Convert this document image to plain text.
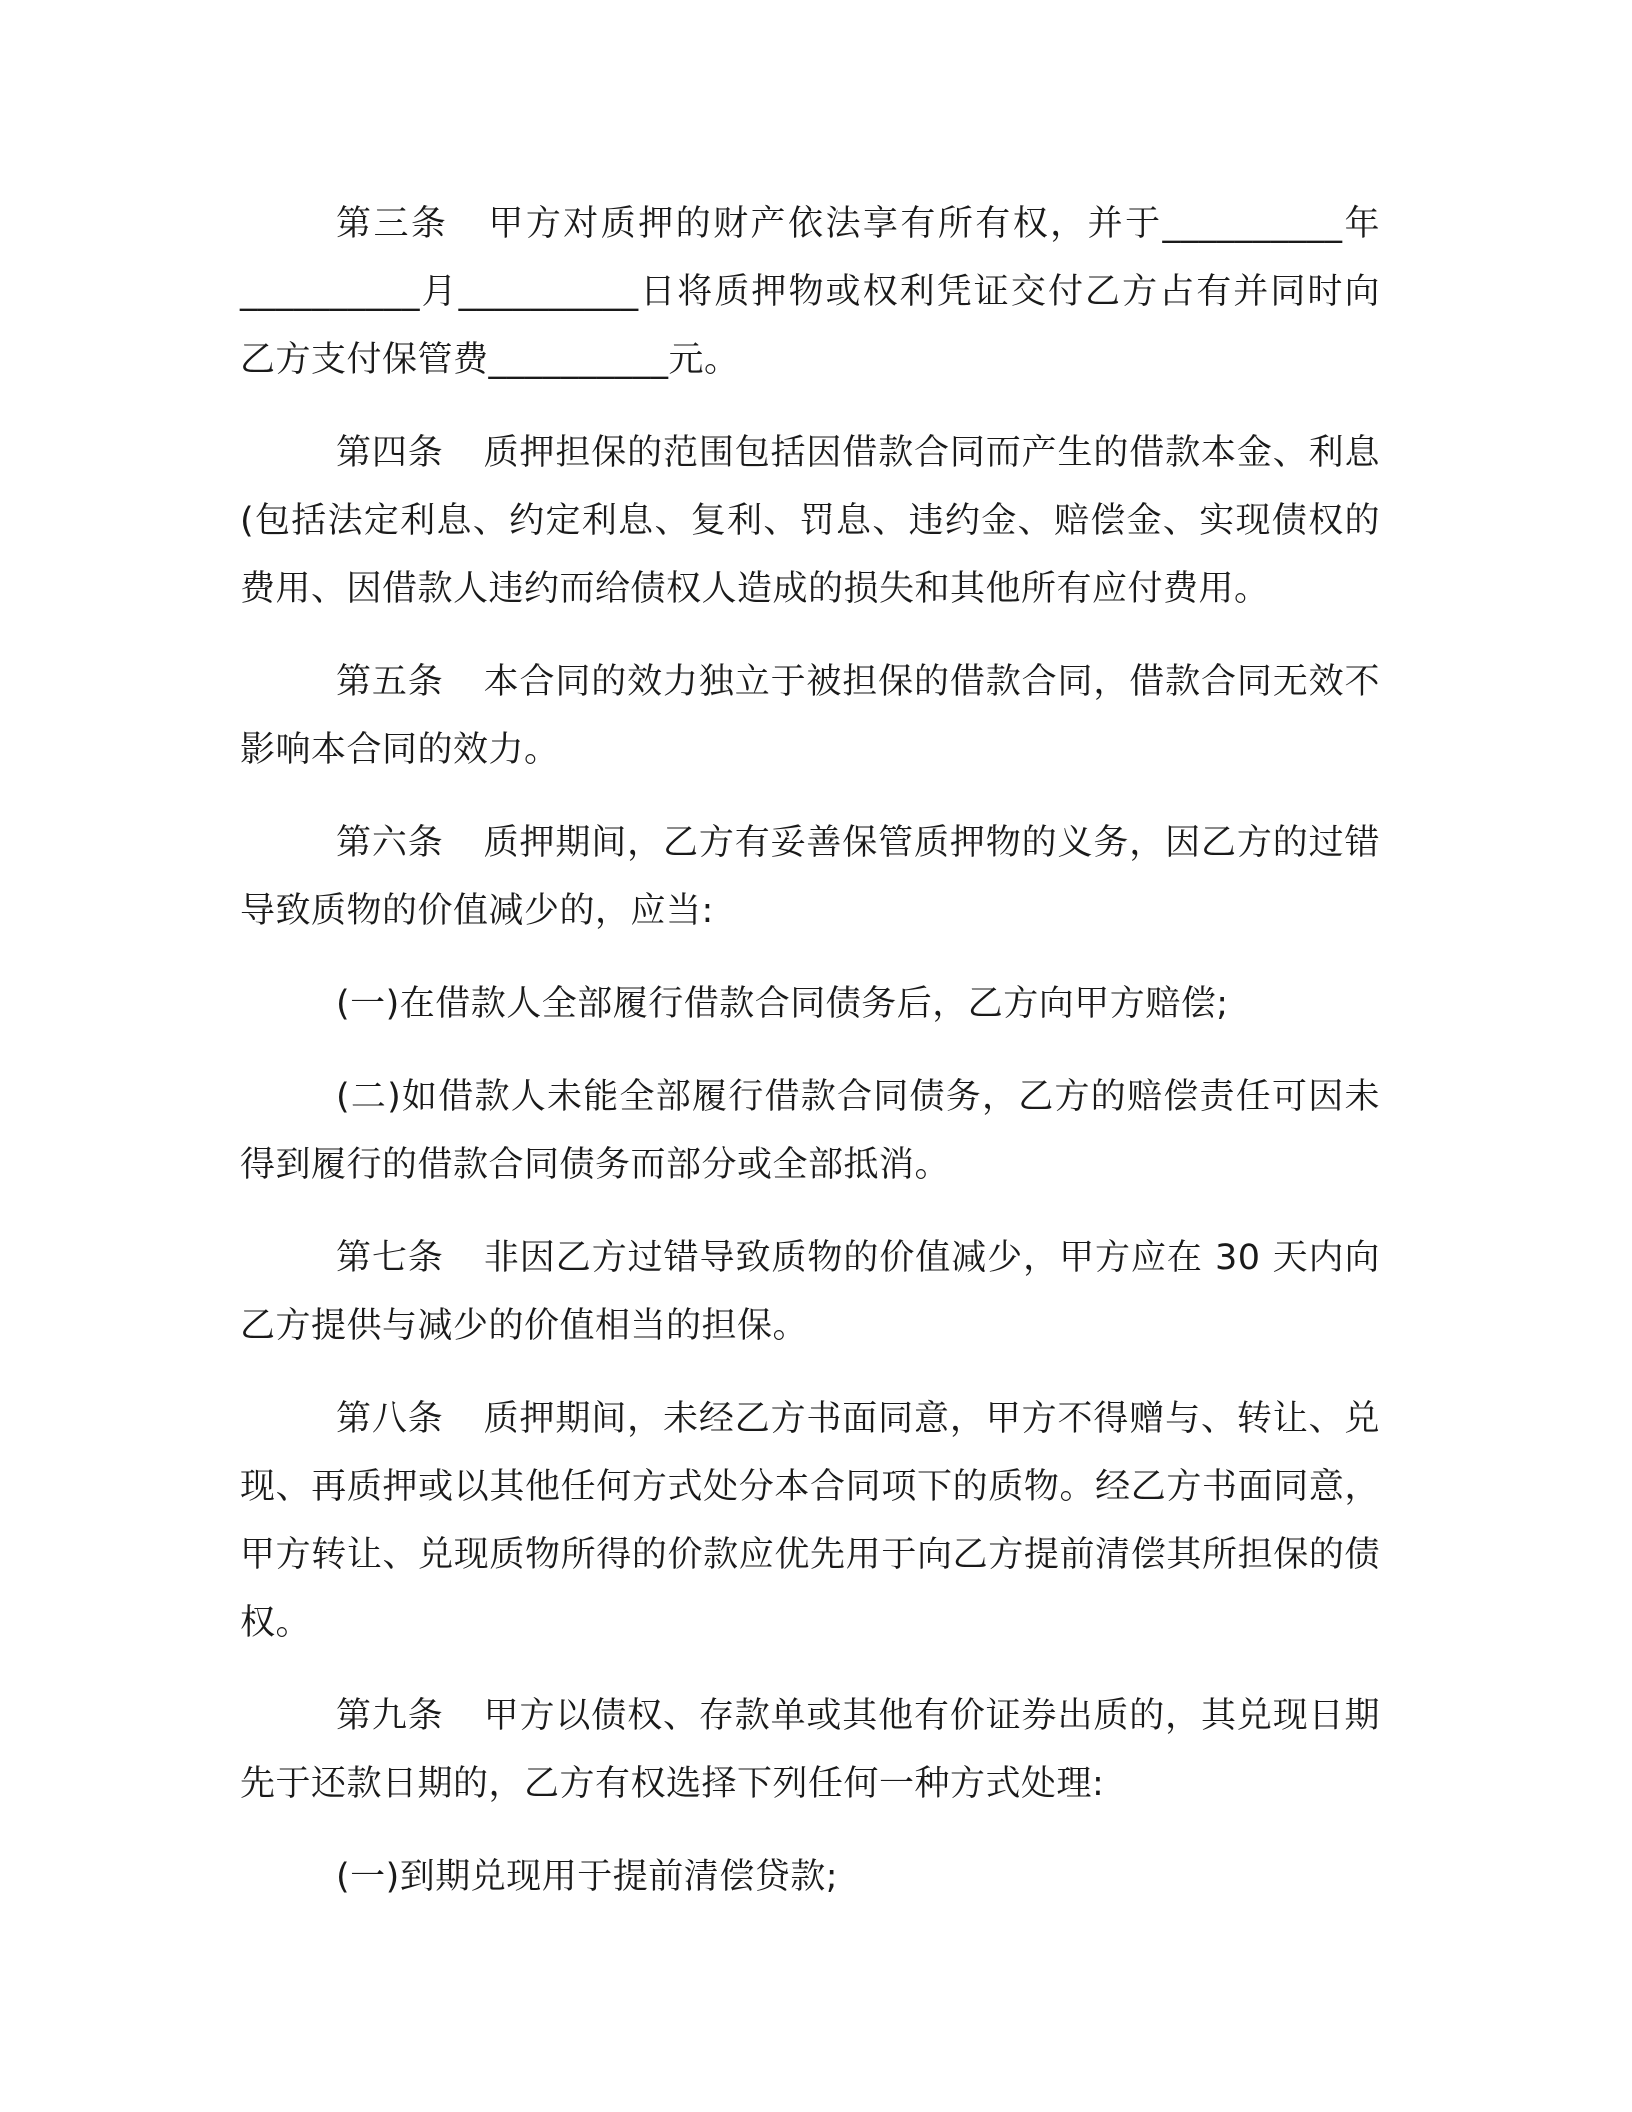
第三条 甲方对质押的财产依法享有所有权，并于__________年__________月__________日将质押物或权利凭证交付乙方占有并同时向乙方支付保管费__________元。

第四条 质押担保的范围包括因借款合同而产生的借款本金、利息(包括法定利息、约定利息、复利、罚息、违约金、赔偿金、实现债权的费用、因借款人违约而给债权人造成的损失和其他所有应付费用。

第五条 本合同的效力独立于被担保的借款合同，借款合同无效不影响本合同的效力。

第六条 质押期间，乙方有妥善保管质押物的义务，因乙方的过错导致质物的价值减少的，应当:

(一)在借款人全部履行借款合同债务后，乙方向甲方赔偿;

(二)如借款人未能全部履行借款合同债务，乙方的赔偿责任可因未得到履行的借款合同债务而部分或全部抵消。

第七条 非因乙方过错导致质物的价值减少，甲方应在 30 天内向乙方提供与减少的价值相当的担保。

第八条 质押期间，未经乙方书面同意，甲方不得赠与、转让、兑现、再质押或以其他任何方式处分本合同项下的质物。经乙方书面同意，甲方转让、兑现质物所得的价款应优先用于向乙方提前清偿其所担保的债权。

第九条 甲方以债权、存款单或其他有价证券出质的，其兑现日期先于还款日期的，乙方有权选择下列任何一种方式处理:

(一)到期兑现用于提前清偿贷款;
